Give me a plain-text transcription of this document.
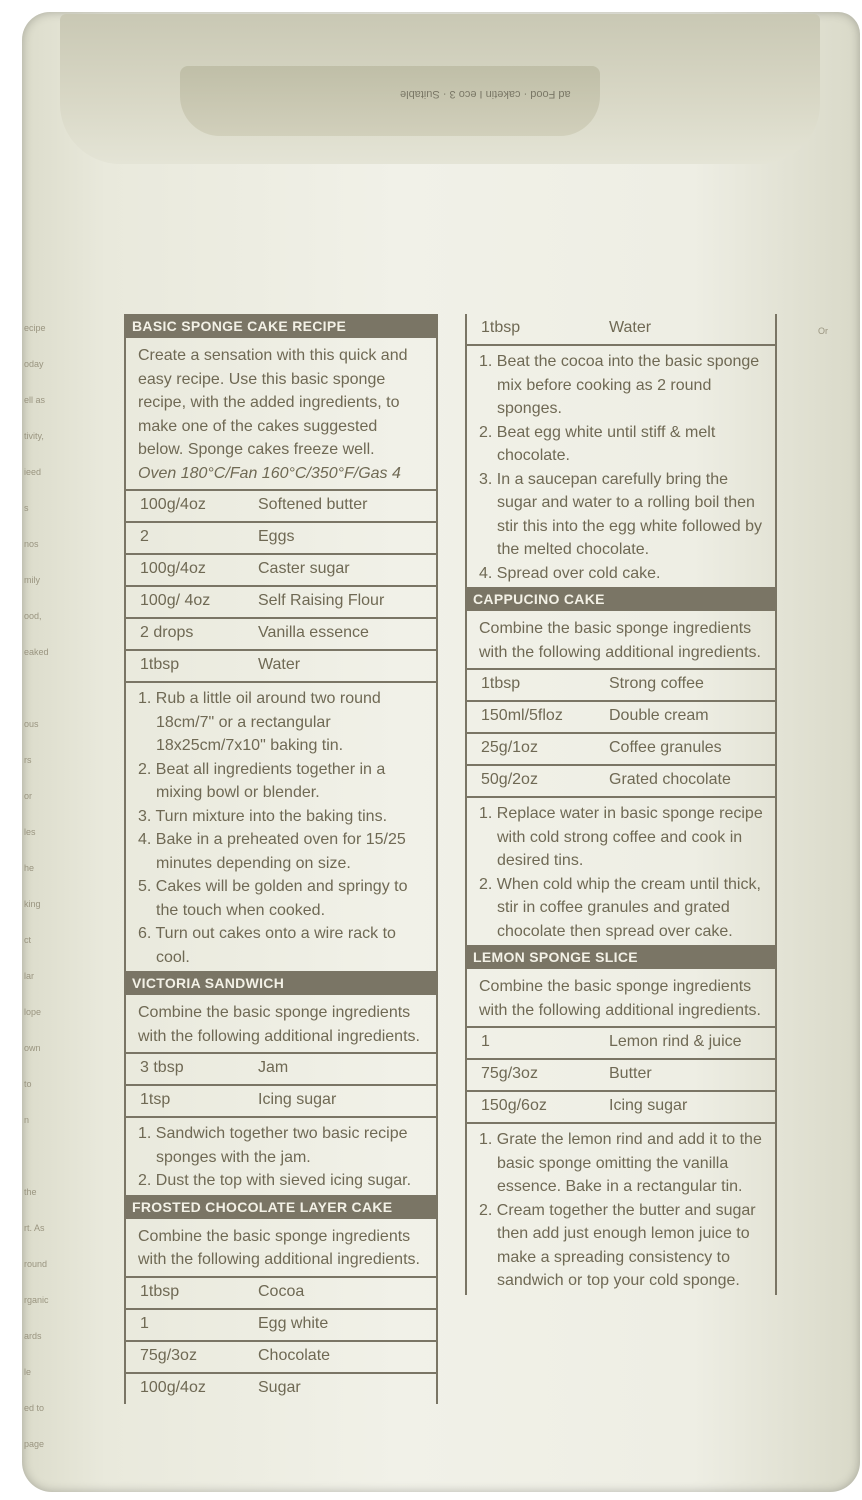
ad Food · caketin I eco 3 · Suitable
ecipe
oday
ell as
tivity,
ieed
s
nos
mily
ood,
eaked

ous
rs
or
les
he
king
ct
lar
lope
own
to
n

the
rt. As
round
rganic
ards
le
ed to
page
Or

BASIC SPONGE CAKE RECIPE
Create a sensation with this quick and easy recipe. Use this basic sponge recipe, with the added ingredients, to make one of the cakes suggested below. Sponge cakes freeze well.
Oven 180°C/Fan 160°C/350°F/Gas 4
100g/4oz	Softened butter
2	Eggs
100g/4oz	Caster sugar
100g/ 4oz	Self Raising Flour
2 drops	Vanilla essence
1tbsp	Water
1. Rub a little oil around two round 18cm/7" or a rectangular 18x25cm/7x10" baking tin.
2. Beat all ingredients together in a mixing bowl or blender.
3. Turn mixture into the baking tins.
4. Bake in a preheated oven for 15/25 minutes depending on size.
5. Cakes will be golden and springy to the touch when cooked.
6. Turn out cakes onto a wire rack to cool.
VICTORIA SANDWICH
Combine the basic sponge ingredients with the following additional ingredients.
3 tbsp	Jam
1tsp	Icing sugar
1. Sandwich together two basic recipe sponges with the jam.
2. Dust the top with sieved icing sugar.
FROSTED CHOCOLATE LAYER CAKE
Combine the basic sponge ingredients with the following additional ingredients.
1tbsp	Cocoa
1	Egg white
75g/3oz	Chocolate
100g/4oz	Sugar
1tbsp	Water
1. Beat the cocoa into the basic sponge mix before cooking as 2 round sponges.
2. Beat egg white until stiff & melt chocolate.
3. In a saucepan carefully bring the sugar and water to a rolling boil then stir this into the egg white followed by the melted chocolate.
4. Spread over cold cake.
CAPPUCINO CAKE
Combine the basic sponge ingredients with the following additional ingredients.
1tbsp	Strong coffee
150ml/5floz	Double cream
25g/1oz	Coffee granules
50g/2oz	Grated chocolate
1. Replace water in basic sponge recipe with cold strong coffee and cook in desired tins.
2. When cold whip the cream until thick, stir in coffee granules and grated chocolate then spread over cake.
LEMON SPONGE SLICE
Combine the basic sponge ingredients with the following additional ingredients.
1	Lemon rind & juice
75g/3oz	Butter
150g/6oz	Icing sugar
1. Grate the lemon rind and add it to the basic sponge omitting the vanilla essence. Bake in a rectangular tin.
2. Cream together the butter and sugar then add just enough lemon juice to make a spreading consistency to sandwich or top your cold sponge.
